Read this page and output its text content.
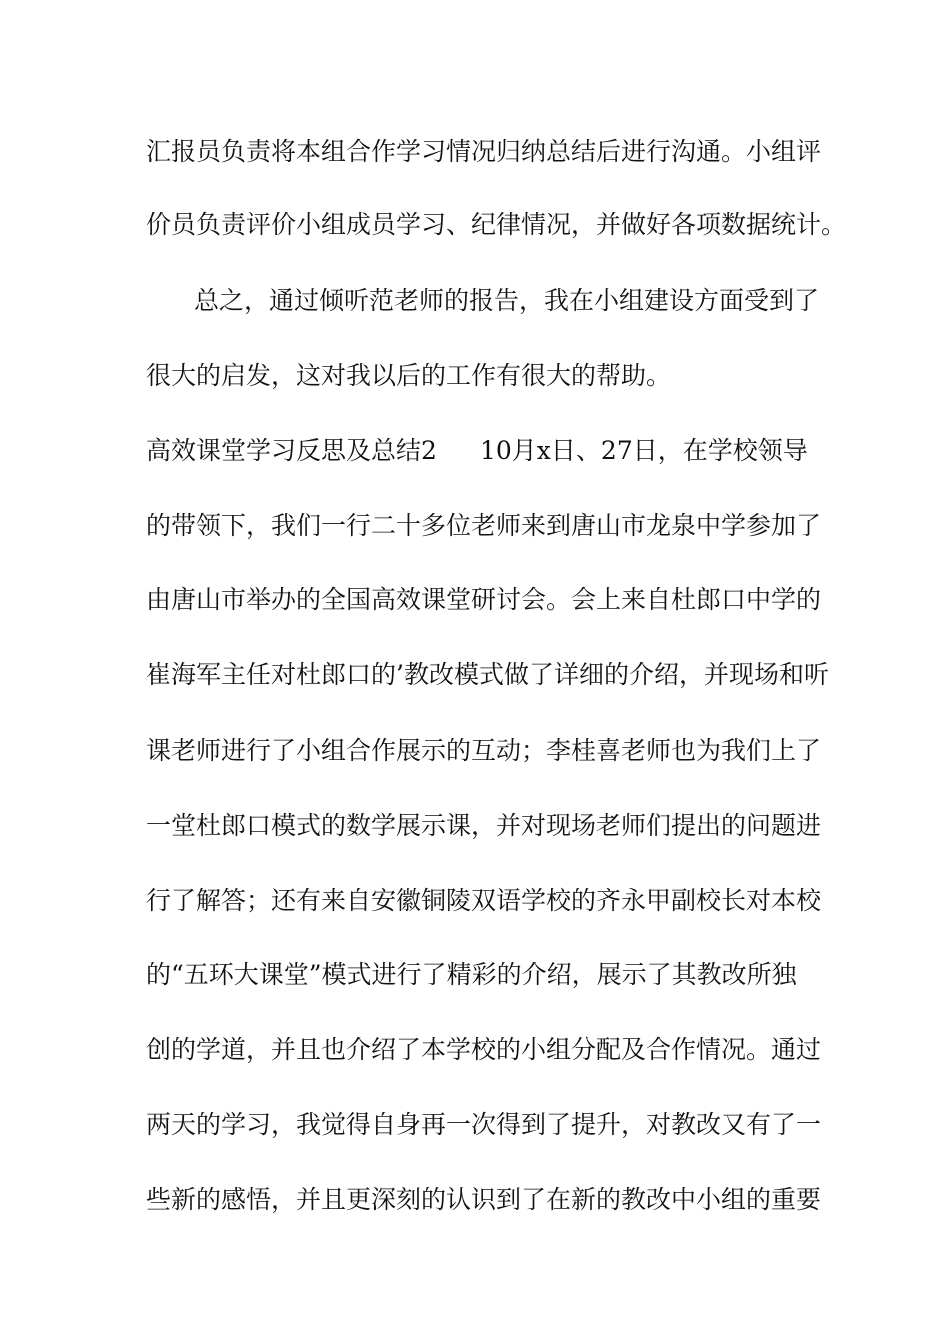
汇报员负责将本组合作学习情况归纳总结后进行沟通。小组评
价员负责评价小组成员学习、纪律情况，并做好各项数据统计。
总之，通过倾听范老师的报告，我在小组建设方面受到了
很大的启发，这对我以后的工作有很大的帮助。
高效课堂学习反思及总结2 10月x日、27日，在学校领导
的带领下，我们一行二十多位老师来到唐山市龙泉中学参加了
由唐山市举办的全国高效课堂研讨会。会上来自杜郎口中学的
崔海军主任对杜郎口的’教改模式做了详细的介绍，并现场和听
课老师进行了小组合作展示的互动；李桂喜老师也为我们上了
一堂杜郎口模式的数学展示课，并对现场老师们提出的问题进
行了解答；还有来自安徽铜陵双语学校的齐永甲副校长对本校
的“五环大课堂”模式进行了精彩的介绍，展示了其教改所独
创的学道，并且也介绍了本学校的小组分配及合作情况。通过
两天的学习，我觉得自身再一次得到了提升，对教改又有了一
些新的感悟，并且更深刻的认识到了在新的教改中小组的重要
